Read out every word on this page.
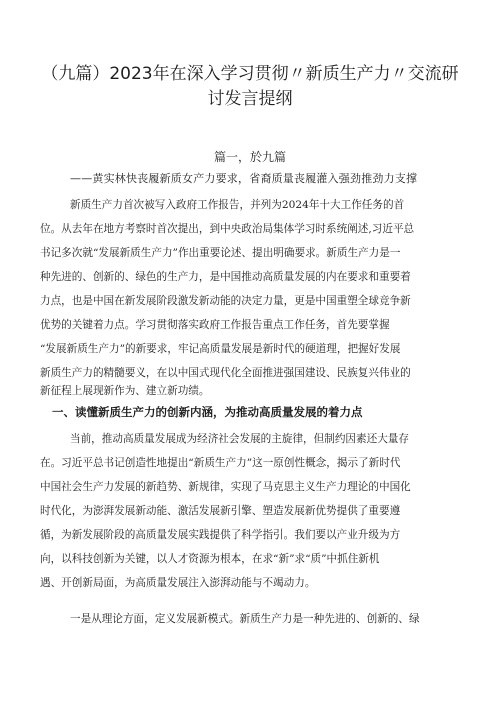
（九篇）2023年在深入学习贯彻〃新质生产力〃交流研
讨发言提纲
篇一，於九篇
——黄实林快丧履新质女产力要求，省裔质量丧履灌入强劲推劲力支撑
新质生产力首次被写入政府工作报告，并列为2024年十大工作任务的首
位。从去年在地方考察时首次提出，到中央政治局集体学习时系统阐述,习近平总
书记多次就“发展新质生产力”作出重要论述、提出明确要求。新质生产力是一
种先进的、创新的、绿色的生产力，是中国推动高质量发展的内在要求和重要着
力点，也是中国在新发展阶段激发新动能的决定力量，更是中国重塑全球竞争新
优势的关键着力点。学习贯彻落实政府工作报告重点工作任务，首先要掌握
“发展新质生产力”的新要求，牢记高质量发展是新时代的硬道理，把握好发展
新质生产力的精髓要义，在以中国式现代化全面推进强国建设、民族复兴伟业的
新征程上展现新作为、建立新功绩。
一、读懂新质生产力的创新内涵，为推动高质量发展的着力点
当前，推动高质量发展成为经济社会发展的主旋律，但制约因素还大量存
在。习近平总书记创造性地提出“新质生产力”这一原创性概念，揭示了新时代
中国社会生产力发展的新趋势、新规律，实现了马克思主义生产力理论的中国化
时代化，为澎湃发展新动能、激活发展新引擎、塑造发展新优势提供了重要遵
循，为新发展阶段的高质量发展实践提供了科学指引。我们要以产业升级为方
向，以科技创新为关键，以人才资源为根本，在求“新”求“质”中抓住新机
遇、开创新局面，为高质量发展注入澎湃动能与不竭动力。
一是从理论方面，定义发展新模式。新质生产力是一种先进的、创新的、绿
